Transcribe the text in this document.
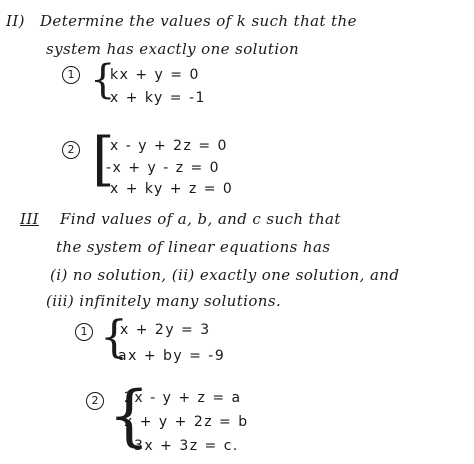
II) Determine the values of k such that the
system has exactly one solution
1 {
kx + y = 0
x + ky = -1
2 [
x - y + 2z = 0
-x + y - z = 0
x + ky + z = 0
III Find values of a, b, and c such that
the system of linear equations has
(i) no solution, (ii) exactly one solution, and
(iii) infinitely many solutions.
1 {
x + 2y = 3
ax + by = -9
2 {
2x - y + z = a
x + y + 2z = b
3x + 3z = c.
